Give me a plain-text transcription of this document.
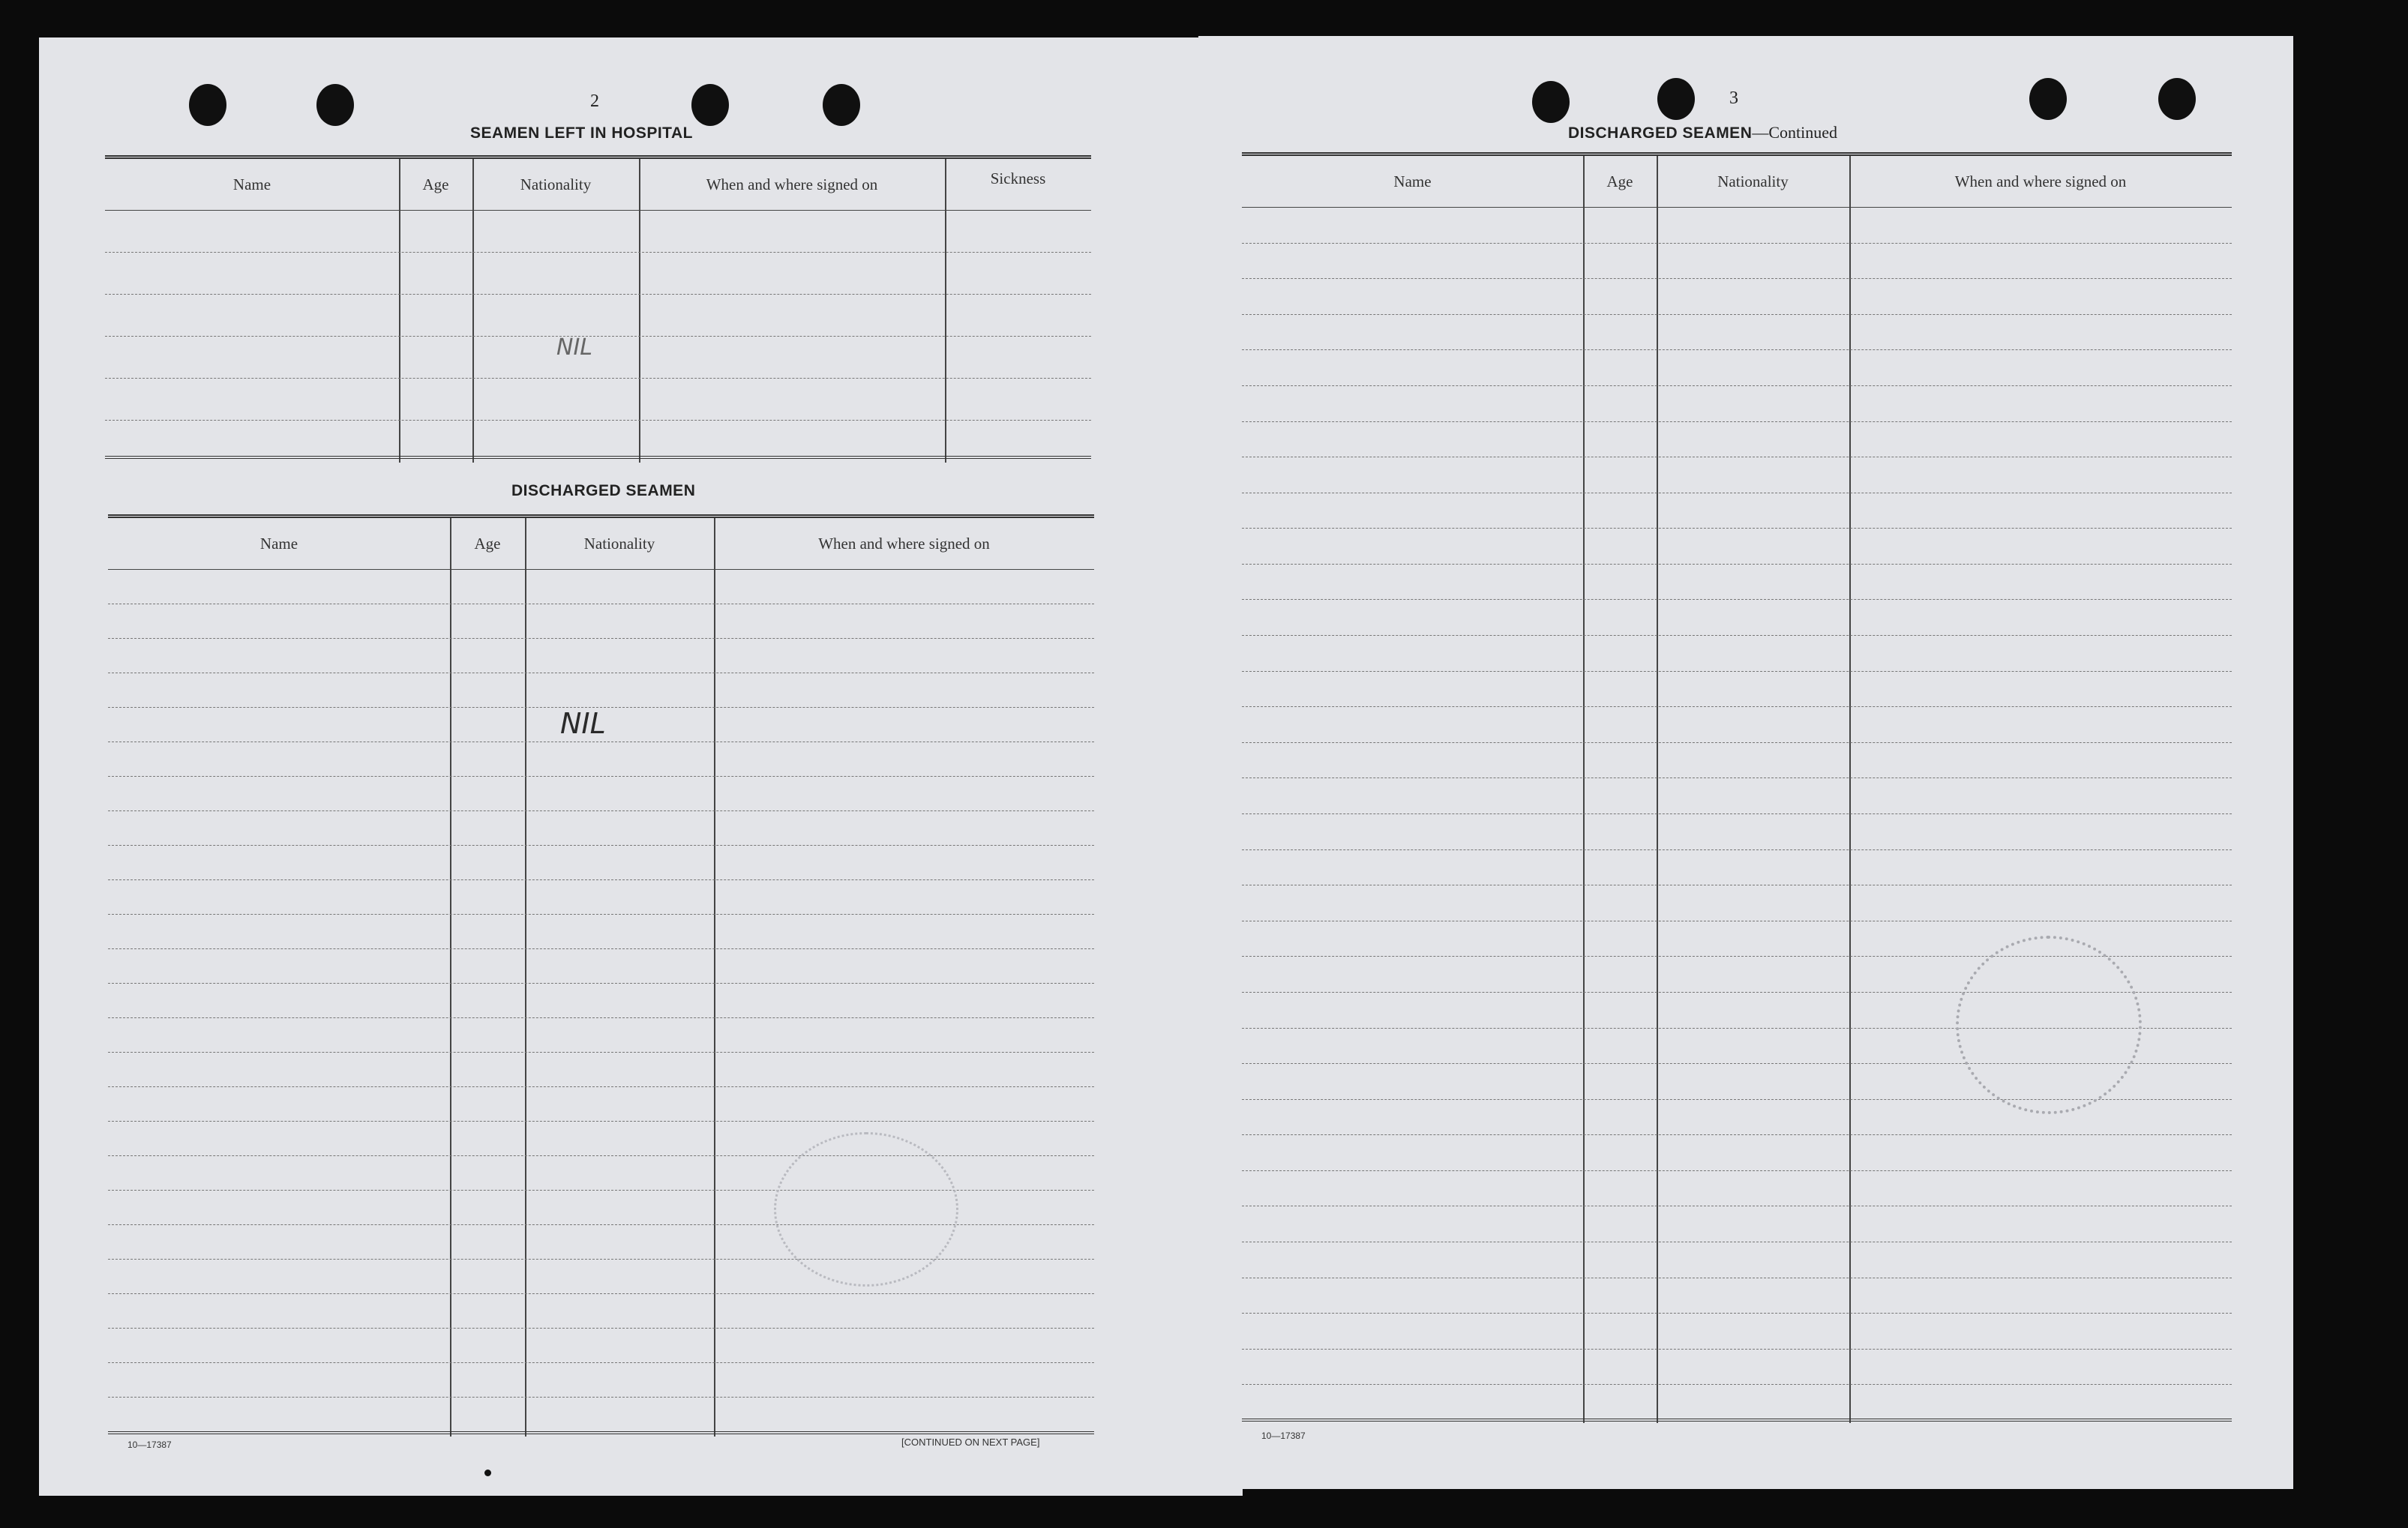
2
SEAMEN LEFT IN HOSPITAL
Name	Age	Nationality	When and where signed on	Sickness
NIL
DISCHARGED SEAMEN
Name	Age	Nationality	When and where signed on
NIL
10—17387	[CONTINUED ON NEXT PAGE]
3
DISCHARGED SEAMEN—Continued
Name	Age	Nationality	When and where signed on
10—17387
